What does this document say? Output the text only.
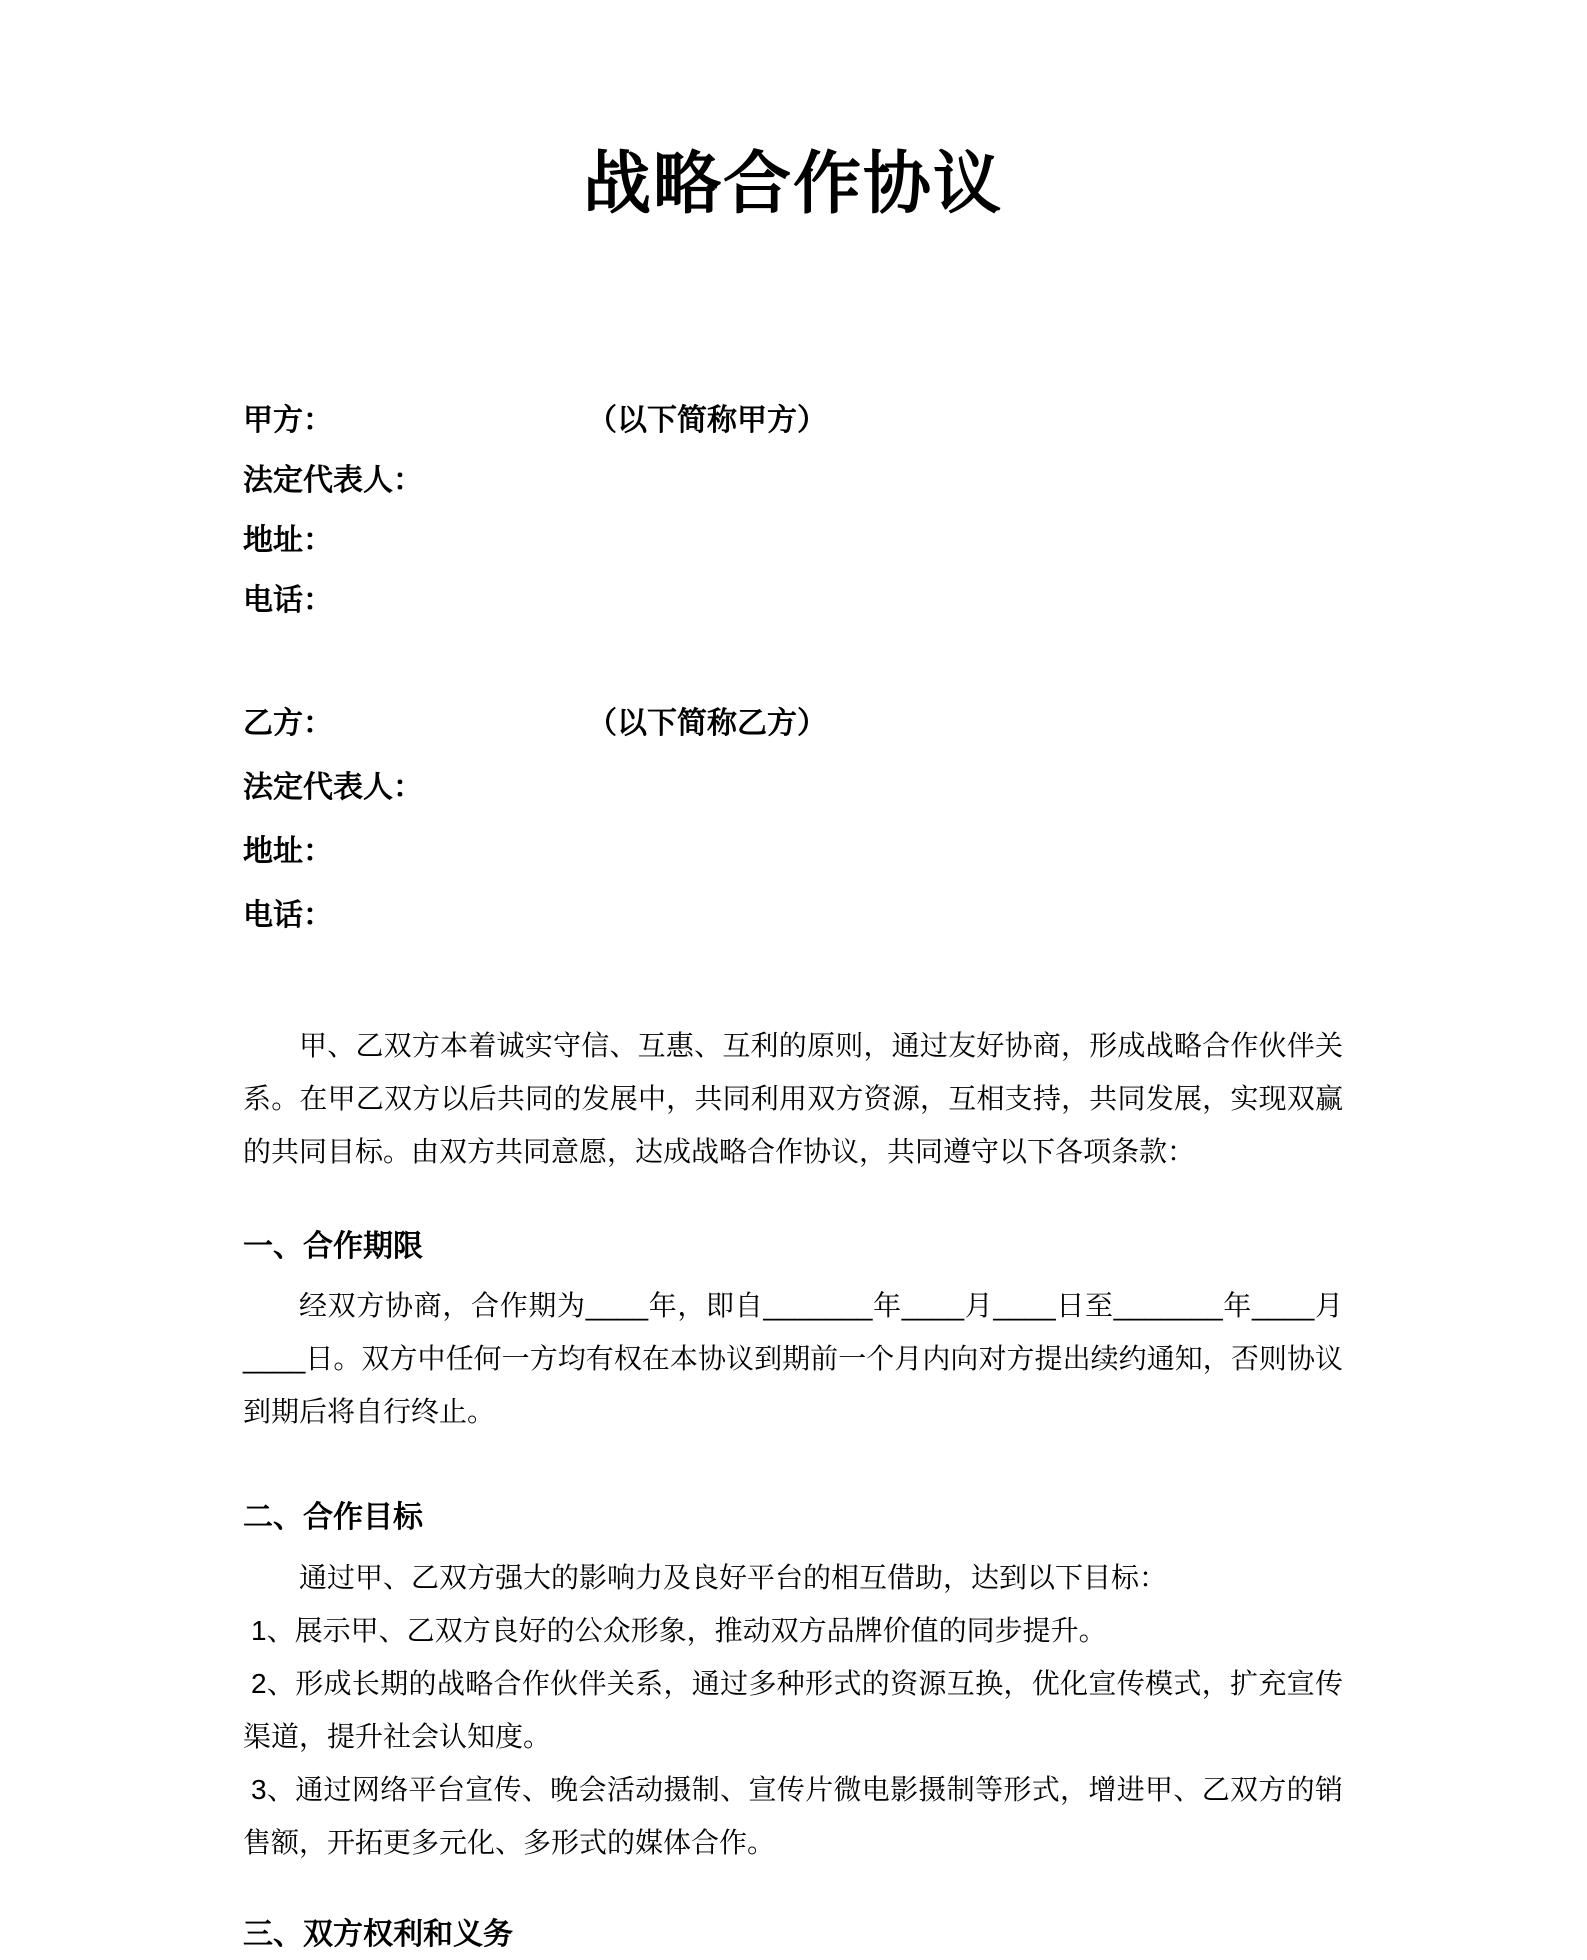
战略合作协议

甲方：	（以下简称甲方）

法定代表人：

地址：

电话：

乙方：	（以下简称乙方）

法定代表人：

地址：

电话：

甲、乙双方本着诚实守信、互惠、互利的原则，通过友好协商，形成战略合作伙伴关系。在甲乙双方以后共同的发展中，共同利用双方资源，互相支持，共同发展，实现双赢的共同目标。由双方共同意愿，达成战略合作协议，共同遵守以下各项条款：

一、合作期限

经双方协商，合作期为____年，即自_______年____月____日至_______年____月____日。双方中任何一方均有权在本协议到期前一个月内向对方提出续约通知，否则协议到期后将自行终止。

二、合作目标

通过甲、乙双方强大的影响力及良好平台的相互借助，达到以下目标：

1、展示甲、乙双方良好的公众形象，推动双方品牌价值的同步提升。

2、形成长期的战略合作伙伴关系，通过多种形式的资源互换，优化宣传模式，扩充宣传渠道，提升社会认知度。

3、通过网络平台宣传、晚会活动摄制、宣传片微电影摄制等形式，增进甲、乙双方的销售额，开拓更多元化、多形式的媒体合作。

三、双方权利和义务
